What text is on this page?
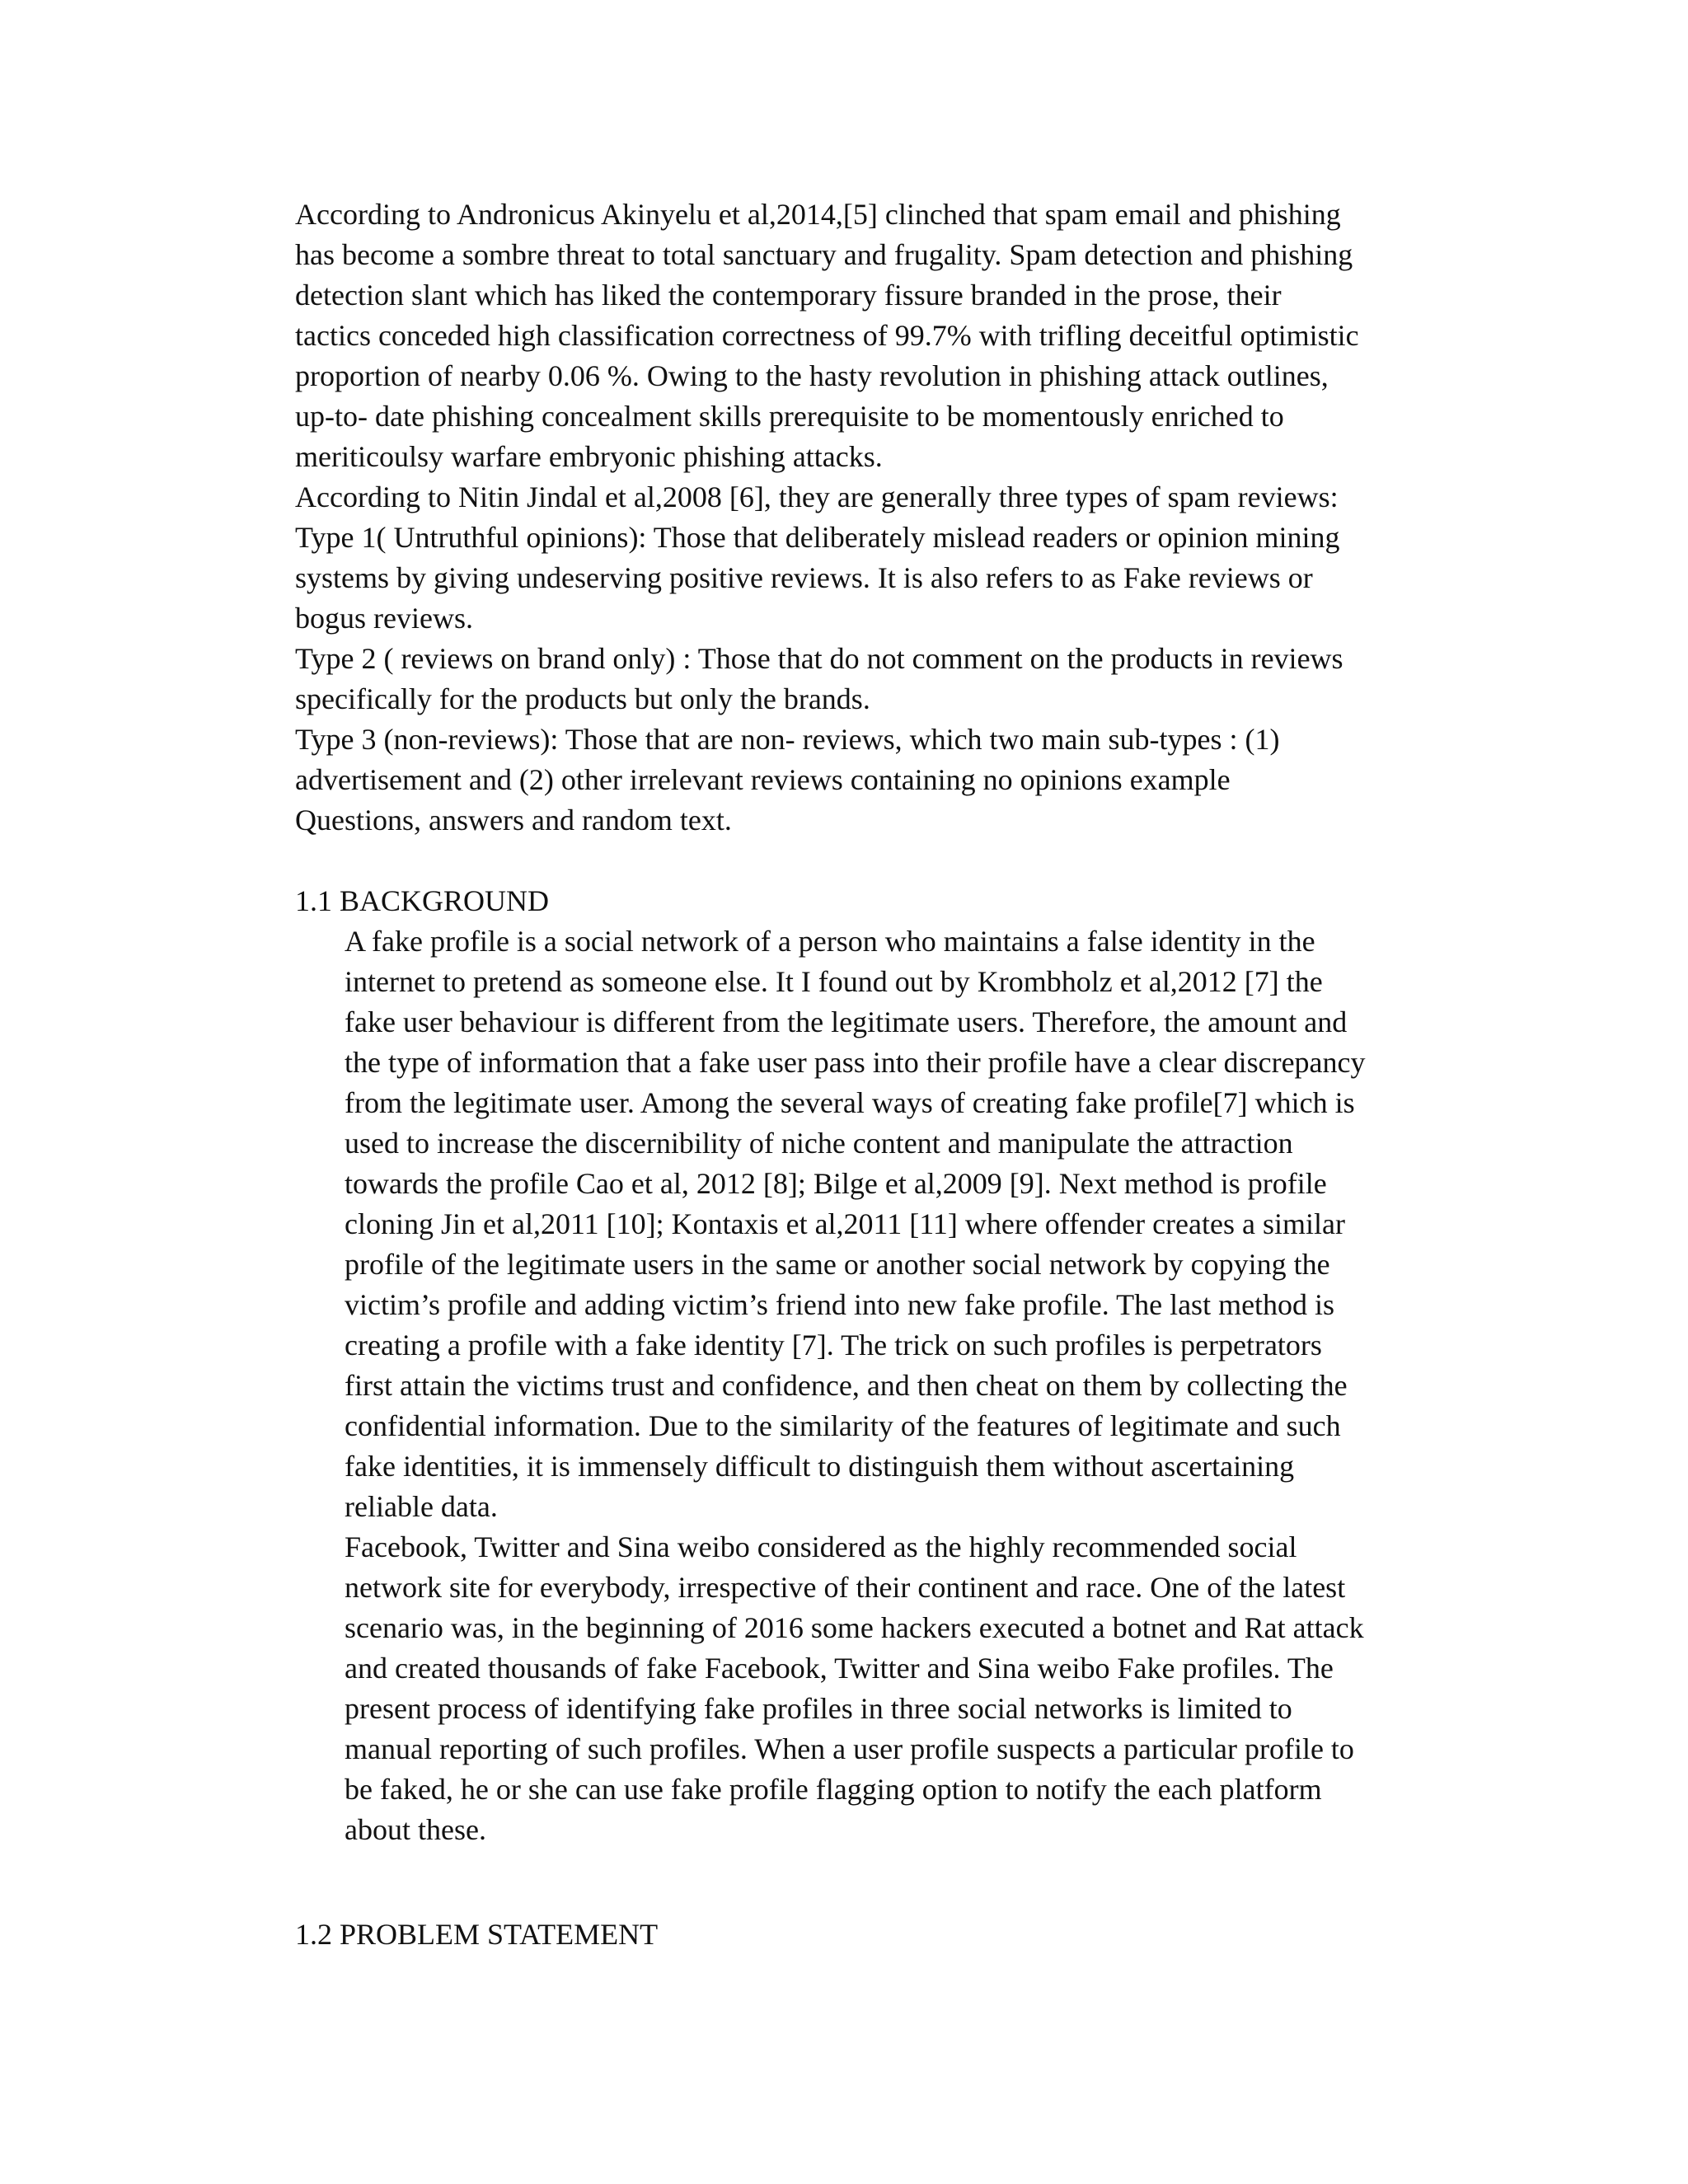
According to Andronicus Akinyelu et al,2014,[5] clinched that spam email and phishing
has become a sombre threat to total sanctuary and frugality. Spam detection and phishing
detection slant which has liked the contemporary fissure branded in the prose, their
tactics conceded high classification correctness of 99.7% with trifling deceitful optimistic
proportion of nearby 0.06 %. Owing to the hasty revolution in phishing attack outlines,
up-to- date phishing concealment skills prerequisite to be momentously enriched to
meriticoulsy warfare embryonic phishing attacks.
According to Nitin Jindal et al,2008 [6], they are generally three types of spam reviews:
Type 1( Untruthful opinions): Those that deliberately mislead readers or opinion mining
systems by giving undeserving positive reviews. It is also refers to as Fake reviews or
bogus reviews.
Type 2 ( reviews on brand only) : Those that do not comment on the products in reviews
specifically for the products but only the brands.
Type 3 (non-reviews): Those that are non- reviews, which two main sub-types : (1)
advertisement and (2) other irrelevant reviews containing no opinions example
Questions, answers and random text.
1.1 BACKGROUND
A fake profile is a social network of a person who maintains a false identity in the
internet to pretend as someone else. It I found out by Krombholz et al,2012 [7] the
fake user behaviour is different from the legitimate users. Therefore, the amount and
the type of information that a fake user pass into their profile have a clear discrepancy
from the legitimate user. Among the several ways of creating fake profile[7] which is
used to increase the discernibility of niche content and manipulate the attraction
towards the profile Cao et al, 2012 [8]; Bilge et al,2009 [9]. Next method is profile
cloning Jin et al,2011 [10]; Kontaxis et al,2011 [11] where offender creates a similar
profile of the legitimate users in the same or another social network by copying the
victim’s profile and adding victim’s friend into new fake profile. The last method is
creating a profile with a fake identity [7]. The trick on such profiles is perpetrators
first attain the victims trust and confidence, and then cheat on them by collecting the
confidential information. Due to the similarity of the features of legitimate and such
fake identities, it is immensely difficult to distinguish them without ascertaining
reliable data.
Facebook, Twitter and Sina weibo considered as the highly recommended social
network site for everybody, irrespective of their continent and race. One of the latest
scenario was, in the beginning of 2016 some hackers executed a botnet and Rat attack
and created thousands of fake Facebook, Twitter and Sina weibo Fake profiles. The
present process of identifying fake profiles in three social networks is limited to
manual reporting of such profiles. When a user profile suspects a particular profile to
be faked, he or she can use fake profile flagging option to notify the each platform
about these.
1.2 PROBLEM STATEMENT
